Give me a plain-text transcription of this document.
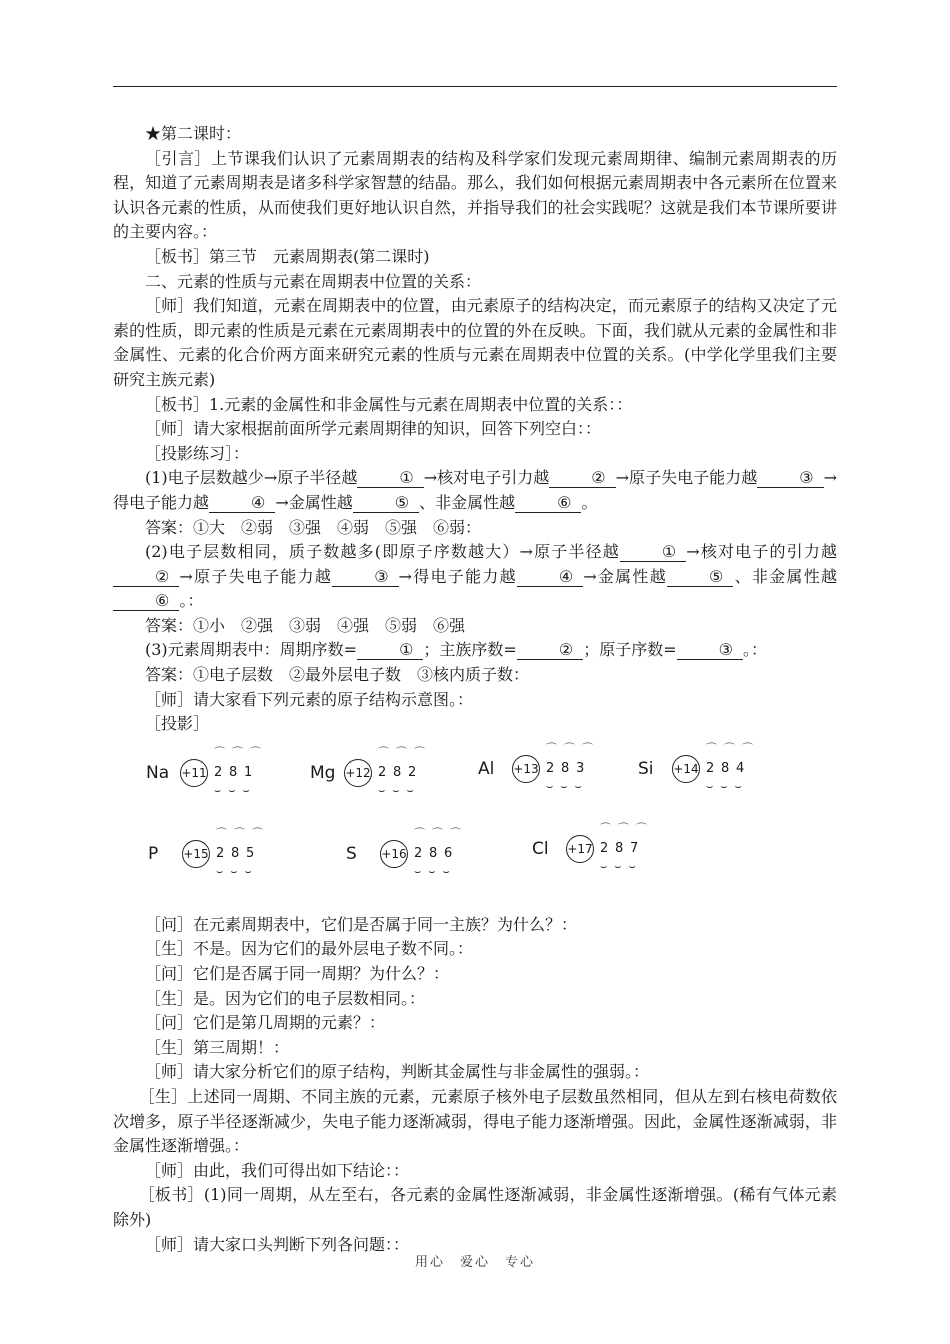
★第二课时：

［引言］上节课我们认识了元素周期表的结构及科学家们发现元素周期律、编制元素周期表的历程，知道了元素周期表是诸多科学家智慧的结晶。那么，我们如何根据元素周期表中各元素所在位置来认识各元素的性质，从而使我们更好地认识自然，并指导我们的社会实践呢？这就是我们本节课所要讲的主要内容。：

［板书］第三节　元素周期表(第二课时)

二、元素的性质与元素在周期表中位置的关系：

［师］我们知道，元素在周期表中的位置，由元素原子的结构决定，而元素原子的结构又决定了元素的性质，即元素的性质是元素在元素周期表中的位置的外在反映。下面，我们就从元素的金属性和非金属性、元素的化合价两方面来研究元素的性质与元素在周期表中位置的关系。(中学化学里我们主要研究主族元素)

［板书］1.元素的金属性和非金属性与元素在周期表中位置的关系：：

［师］请大家根据前面所学元素周期律的知识，回答下列空白：：

［投影练习］：

(1)电子层数越少→原子半径越	① →核对电子引力越	② →原子失电子能力越	③ →得电子能力越	④ →金属性越	⑤ 、非金属性越	⑥ 。

答案：①大　②弱　③强　④弱　⑤强　⑥弱：

(2)电子层数相同，质子数越多(即原子序数越大）→原子半径越	① →核对电子的引力越② →原子失电子能力越	③ →得电子能力越	④ →金属性越	⑤ 、非金属性越⑥ 。：

答案：①小　②强　③弱　④强　⑤弱　⑥强

(3)元素周期表中：周期序数=	① ；主族序数=	② ；原子序数=	③ 。：

答案：①电子层数　②最外层电子数　③核内质子数：

［师］请大家看下列元素的原子结构示意图。：

［投影］

Na	+11
⌒⌒⌒
2 8 1
⌣⌣⌣
Mg +12
⌒⌒⌒
2 8 2
⌣⌣⌣
Al	+13
⌒⌒⌒
2 8 3
⌣⌣⌣
Si	+14
⌒⌒⌒
2 8 4
⌣⌣⌣
P	+15
⌒⌒⌒
2 8 5
⌣⌣⌣
S	+16
⌒⌒⌒
2 8 6
⌣⌣⌣
Cl	+17
⌒⌒⌒
2 8 7
⌣⌣⌣

［问］在元素周期表中，它们是否属于同一主族？为什么？：

［生］不是。因为它们的最外层电子数不同。：

［问］它们是否属于同一周期？为什么？：

［生］是。因为它们的电子层数相同。：

［问］它们是第几周期的元素？：

［生］第三周期！：

［师］请大家分析它们的原子结构，判断其金属性与非金属性的强弱。：

［生］上述同一周期、不同主族的元素，元素原子核外电子层数虽然相同，但从左到右核电荷数依次增多，原子半径逐渐减少，失电子能力逐渐减弱，得电子能力逐渐增强。因此，金属性逐渐减弱，非金属性逐渐增强。：

［师］由此，我们可得出如下结论：：

［板书］(1)同一周期，从左至右，各元素的金属性逐渐减弱，非金属性逐渐增强。(稀有气体元素除外)

［师］请大家口头判断下列各问题：：

用心　爱心　专心
